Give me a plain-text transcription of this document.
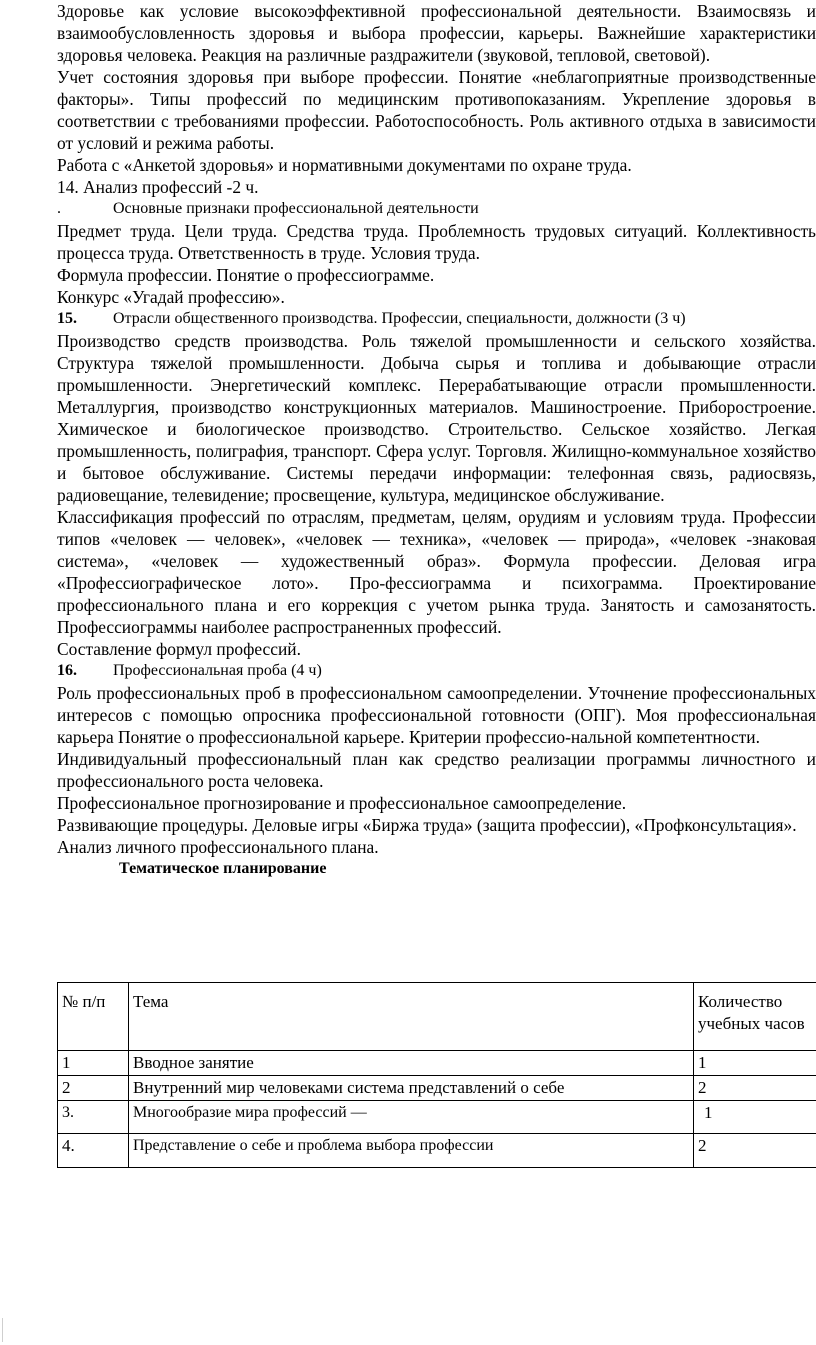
Здоровье как условие высокоэффективной профессиональной деятельности. Взаимосвязь и взаимообусловленность здоровья и выбора профессии, карьеры. Важнейшие характеристики здоровья человека. Реакция на различные раздражители (звуковой, тепловой, световой).

Учет состояния здоровья при выборе профессии. Понятие «неблагоприятные производственные факторы». Типы профессий по медицинским противопоказаниям. Укрепление здоровья в соответствии с требованиями профессии. Работоспособность. Роль активного отдыха в зависимости от условий и режима работы.

Работа с «Анкетой здоровья» и нормативными документами по охране труда.

14. Анализ профессий -2 ч.

.	Основные признаки профессиональной деятельности

Предмет труда. Цели труда. Средства труда. Проблемность трудовых ситуаций. Коллективность процесса труда. Ответственность в труде. Условия труда.

Формула профессии. Понятие о профессиограмме.

Конкурс «Угадай профессию».

15. Отрасли общественного производства. Профессии, специальности, должности (3 ч)

Производство средств производства. Роль тяжелой промышленности и сельского хозяйства. Структура тяжелой промышленности. Добыча сырья и топлива и добывающие отрасли промышленности. Энергетический комплекс. Перерабатывающие отрасли промышленности. Металлургия, производство конструкционных материалов. Машиностроение. Приборостроение. Химическое и биологическое производство. Строительство. Сельское хозяйство. Легкая промышленность, полиграфия, транспорт. Сфера услуг. Торговля. Жилищно-коммунальное хозяйство и бытовое обслуживание. Системы передачи информации: телефонная связь, радиосвязь, радиовещание, телевидение; просвещение, культура, медицинское обслуживание.

Классификация профессий по отраслям, предметам, целям, орудиям и условиям труда. Профессии типов «человек — человек», «человек — техника», «человек — природа», «человек -знаковая система», «человек — художественный образ». Формула профессии. Деловая игра «Профессиографическое лото». Про-фессиограмма и психограмма. Проектирование профессионального плана и его коррекция с учетом рынка труда. Занятость и самозанятость. Профессиограммы наиболее распространенных профессий.

Составление формул профессий.

16. Профессиональная проба (4 ч)

Роль профессиональных проб в профессиональном самоопределении. Уточнение профессиональных интересов с помощью опросника профессиональной готовности (ОПГ). Моя профессиональная карьера Понятие о профессиональной карьере. Критерии профессио-нальной компетентности.

Индивидуальный профессиональный план как средство реализации программы личностного и профессионального роста человека.

Профессиональное прогнозирование и профессиональное самоопределение.

Развивающие процедуры. Деловые игры «Биржа труда» (защита профессии), «Профконсультация».

Анализ личного профессионального плана.

Тематическое планирование

№ п/п	Тема	Количество учебных часов

1	Вводное занятие	1
2	Внутренний мир человеками система представлений о себе	2
3.	Многообразие мира профессий —	1
4.	Представление о себе и проблема выбора профессии	2
